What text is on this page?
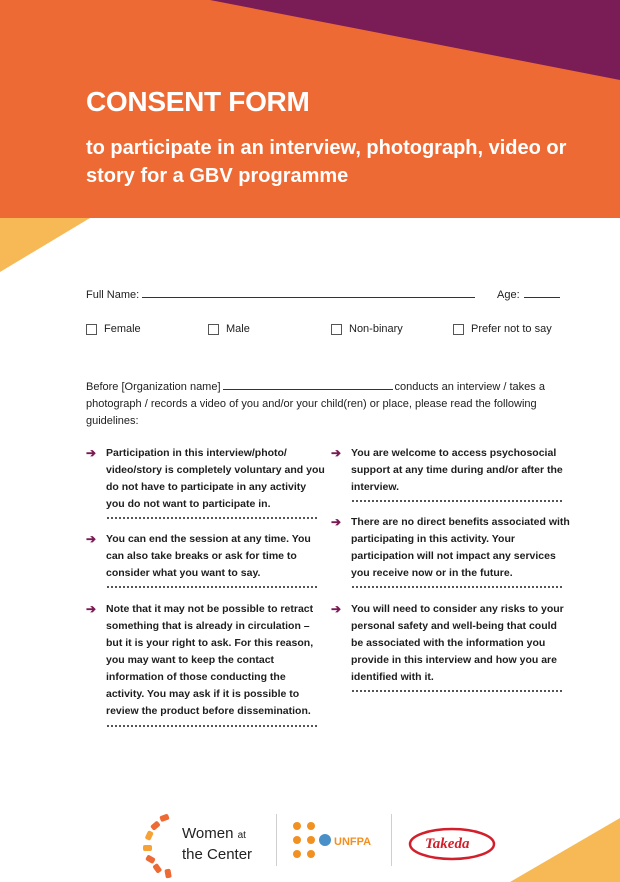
CONSENT FORM
to participate in an interview, photograph, video or story for a GBV programme
Full Name:	Age:
Female	Male	Non-binary	Prefer not to say
Before [Organization name]	conducts an interview / takes a photograph / records a video of you and/or your child(ren) or place, please read the following guidelines:
➔ Participation in this interview/photo/ video/story is completely voluntary and you do not have to participate in any activity you do not want to participate in.
➔ You can end the session at any time. You can also take breaks or ask for time to consider what you want to say.
➔ Note that it may not be possible to retract something that is already in circulation – but it is your right to ask. For this reason, you may want to keep the contact information of those conducting the activity. You may ask if it is possible to review the product before dissemination.
➔ You are welcome to access psychosocial support at any time during and/or after the interview.
➔ There are no direct benefits associated with participating in this activity. Your participation will not impact any services you receive now or in the future.
➔ You will need to consider any risks to your personal safety and well-being that could be associated with the information you provide in this interview and how you are identified with it.
Women at
the Center
UNFPA	Takeda
